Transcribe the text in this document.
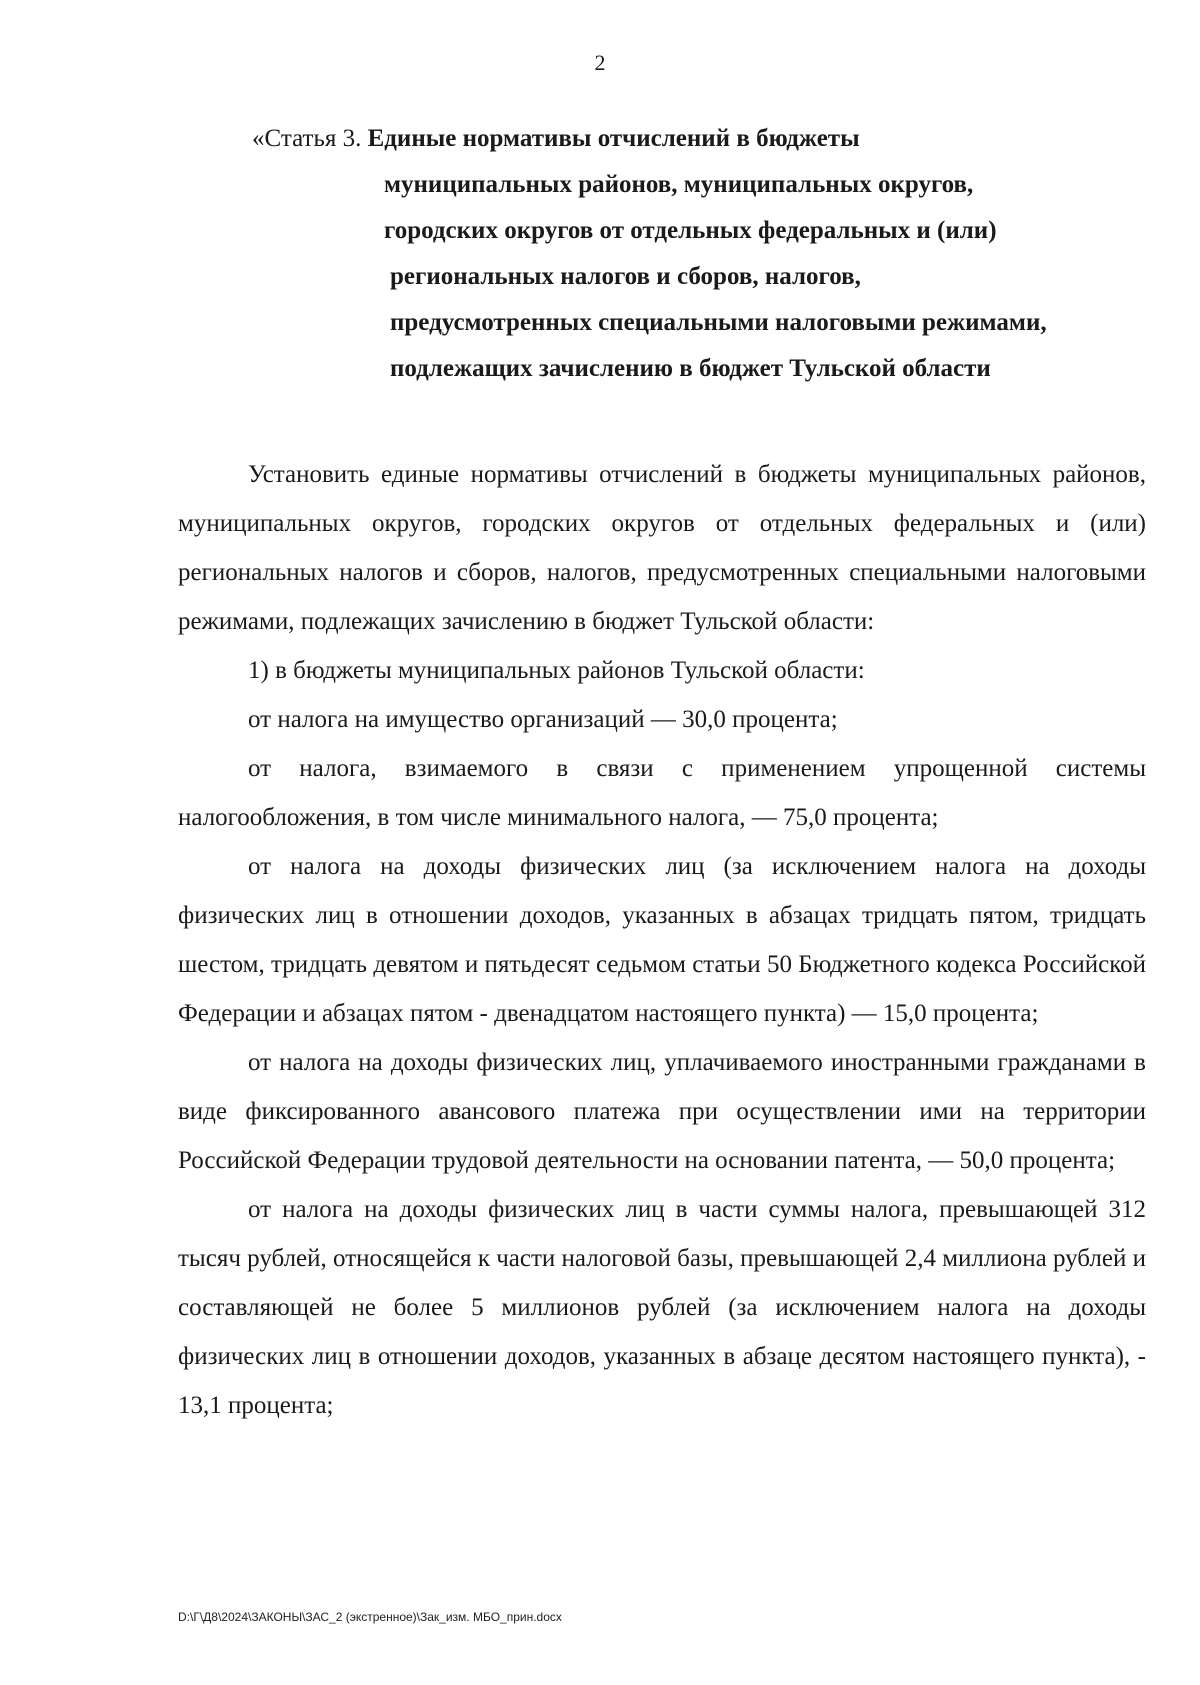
2
«Статья 3. Единые нормативы отчислений в бюджеты
муниципальных районов, муниципальных округов,
городских округов от отдельных федеральных и (или)
региональных налогов и сборов, налогов,
предусмотренных специальными налоговыми режимами,
подлежащих зачислению в бюджет Тульской области

Установить единые нормативы отчислений в бюджеты муниципальных районов, муниципальных округов, городских округов от отдельных федеральных и (или) региональных налогов и сборов, налогов, предусмотренных специальными налоговыми режимами, подлежащих зачислению в бюджет Тульской области:

1) в бюджеты муниципальных районов Тульской области:

от налога на имущество организаций — 30,0 процента;

от налога, взимаемого в связи с применением упрощенной системы налогообложения, в том числе минимального налога, — 75,0 процента;

от налога на доходы физических лиц (за исключением налога на доходы физических лиц в отношении доходов, указанных в абзацах тридцать пятом, тридцать шестом, тридцать девятом и пятьдесят седьмом статьи 50 Бюджетного кодекса Российской Федерации и абзацах пятом - двенадцатом настоящего пункта) — 15,0 процента;

от налога на доходы физических лиц, уплачиваемого иностранными гражданами в виде фиксированного авансового платежа при осуществлении ими на территории Российской Федерации трудовой деятельности на основании патента, — 50,0 процента;

от налога на доходы физических лиц в части суммы налога, превышающей 312 тысяч рублей, относящейся к части налоговой базы, превышающей 2,4 миллиона рублей и составляющей не более 5 миллионов рублей (за исключением налога на доходы физических лиц в отношении доходов, указанных в абзаце десятом настоящего пункта), - 13,1 процента;

D:\Г\Д8\2024\ЗАКОНЫ\ЗАС_2 (экстренное)\Зак_изм. МБО_прин.docx
